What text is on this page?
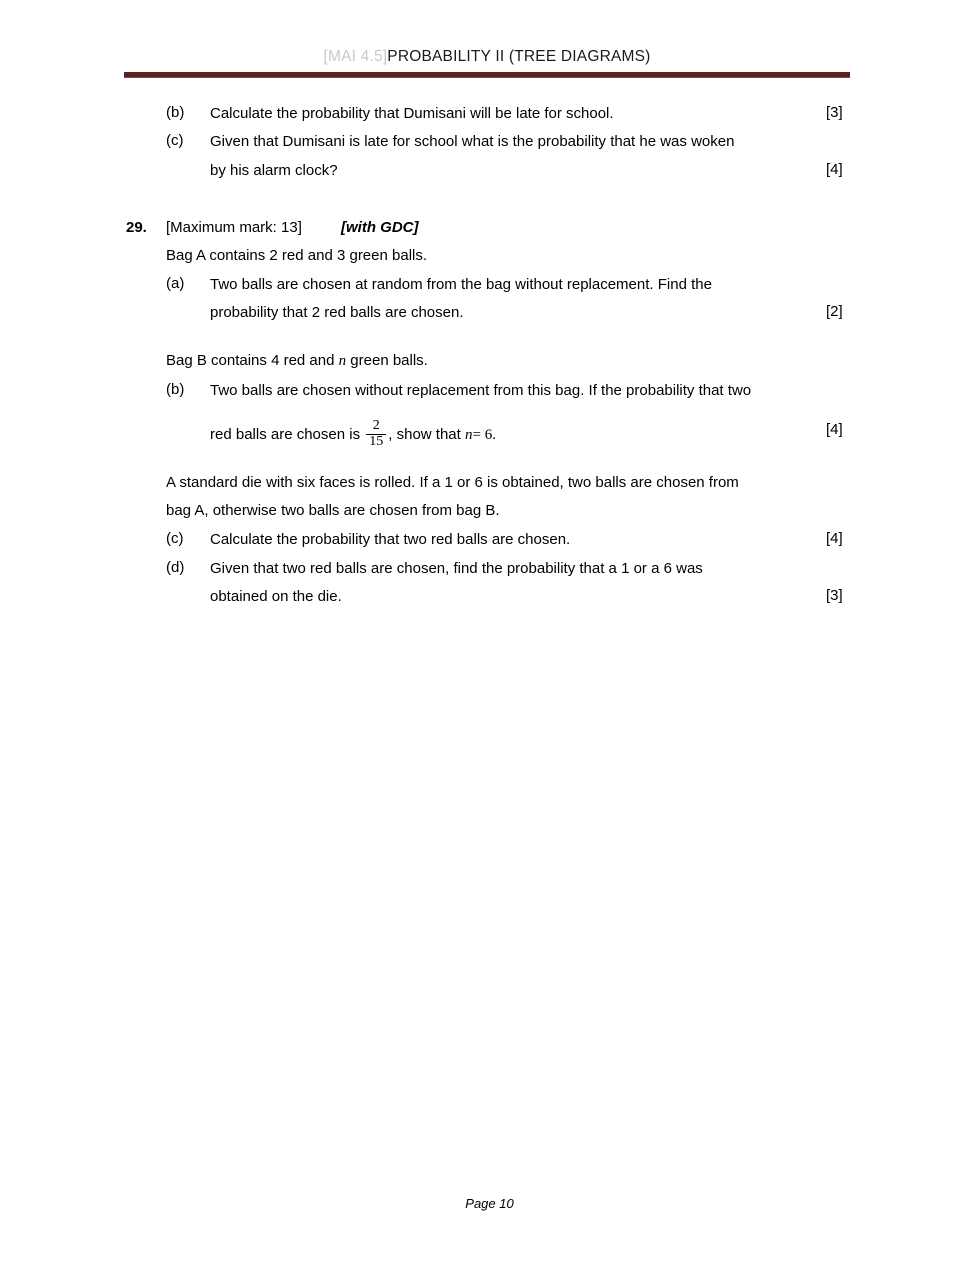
[MAI 4.5]PROBABILITY II (TREE DIAGRAMS)
(b) Calculate the probability that Dumisani will be late for school.	[3]
(c) Given that Dumisani is late for school what is the probability that he was woken
by his alarm clock?	[4]
29. [Maximum mark: 13]	[with GDC]
Bag A contains 2 red and 3 green balls.
(a) Two balls are chosen at random from the bag without replacement. Find the
probability that 2 red balls are chosen.	[2]
Bag B contains 4 red and n green balls.
(b) Two balls are chosen without replacement from this bag. If the probability that two
red balls are chosen is $\frac{2}{15}$ , show that n= 6.	[4]
A standard die with six faces is rolled. If a 1 or 6 is obtained, two balls are chosen from
bag A, otherwise two balls are chosen from bag B.
(c) Calculate the probability that two red balls are chosen.	[4]
(d) Given that two red balls are chosen, find the probability that a 1 or a 6 was
obtained on the die.	[3]
Page 10
